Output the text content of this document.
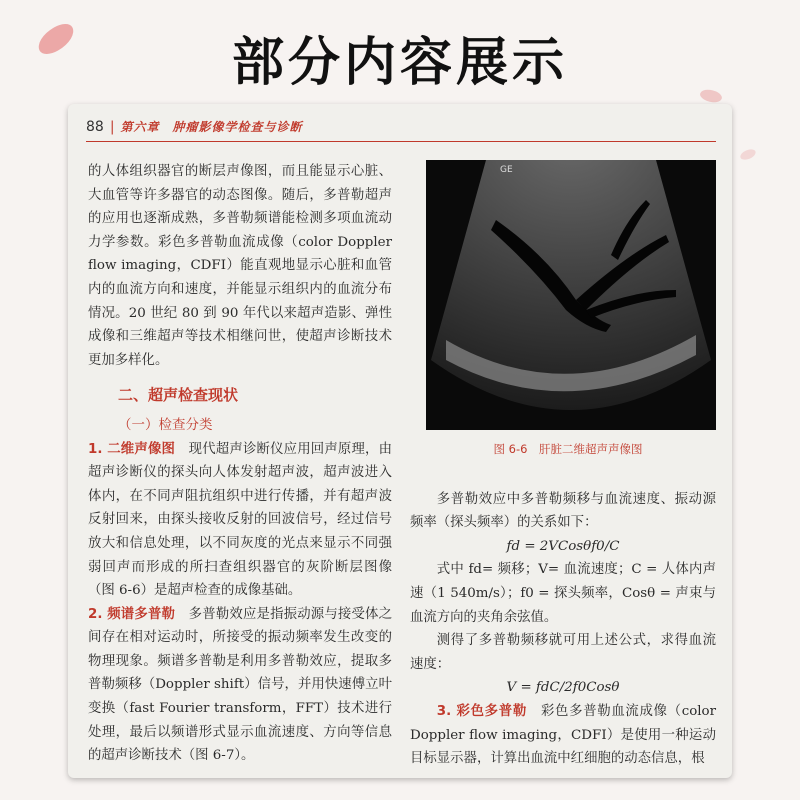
部分内容展示
88 | 第六章　肿瘤影像学检查与诊断

的人体组织器官的断层声像图，而且能显示心脏、大血管等许多器官的动态图像。随后，多普勒超声的应用也逐渐成熟，多普勒频谱能检测多项血流动力学参数。彩色多普勒血流成像（color Doppler flow imaging，CDFI）能直观地显示心脏和血管内的血流方向和速度，并能显示组织内的血流分布情况。20 世纪 80 到 90 年代以来超声造影、弹性成像和三维超声等技术相继问世，使超声诊断技术更加多样化。

二、超声检查现状
（一）检查分类

1. 二维声像图　 现代超声诊断仪应用回声原理，由超声诊断仪的探头向人体发射超声波，超声波进入体内，在不同声阻抗组织中进行传播，并有超声波反射回来，由探头接收反射的回波信号，经过信号放大和信息处理，以不同灰度的光点来显示不同强弱回声而形成的所扫查组织器官的灰阶断层图像（图 6-6）是超声检查的成像基础。

2. 频谱多普勒　 多普勒效应是指振动源与接受体之间存在相对运动时，所接受的振动频率发生改变的物理现象。频谱多普勒是利用多普勒效应，提取多普勒频移（Doppler shift）信号，并用快速傅立叶变换（fast Fourier transform，FFT）技术进行处理，最后以频谱形式显示血流速度、方向等信息的超声诊断技术（图 6-7）。

GE
图 6-6　肝脏二维超声声像图

多普勒效应中多普勒频移与血流速度、振动源频率（探头频率）的关系如下：

fd = 2VCosθf0/C

式中 fd= 频移；V= 血流速度；C = 人体内声速（1 540m/s）；f0 = 探头频率，Cosθ = 声束与血流方向的夹角余弦值。

测得了多普勒频移就可用上述公式，求得血流速度：

V = fdC/2f0Cosθ

3. 彩色多普勒　 彩色多普勒血流成像（color Doppler flow imaging，CDFI）是使用一种运动目标显示器，计算出血流中红细胞的动态信息，根
